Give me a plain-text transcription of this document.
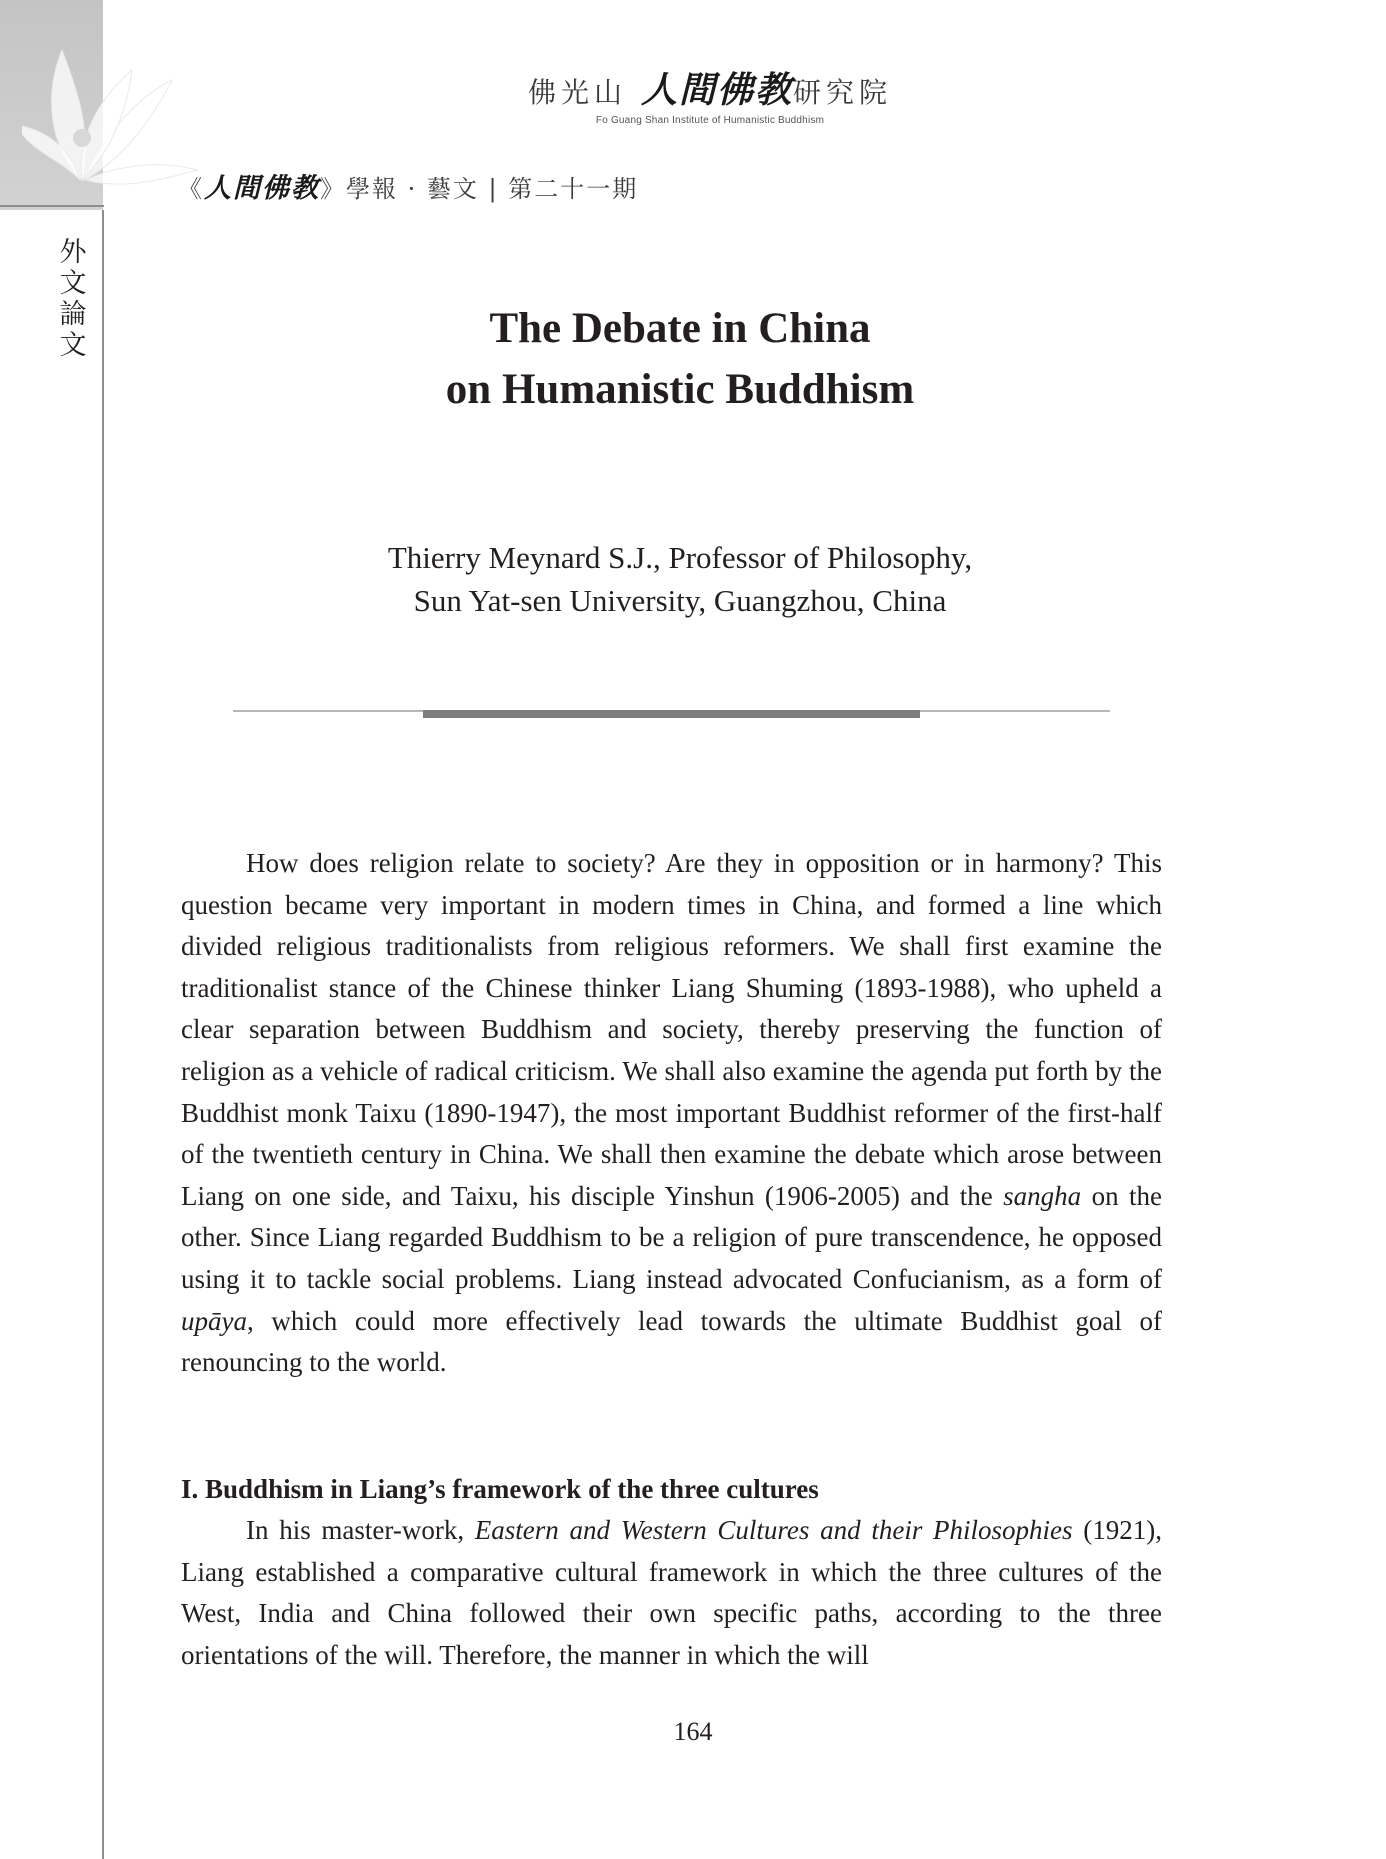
外
文
論
文
佛光山 人間佛教研究院
Fo Guang Shan Institute of Humanistic Buddhism
《人間佛教》學報 · 藝文 | 第二十一期
The Debate in China
on Humanistic Buddhism
Thierry Meynard S.J., Professor of Philosophy,
Sun Yat-sen University, Guangzhou, China
How does religion relate to society? Are they in opposition or in harmony? This question became very important in modern times in China, and formed a line which divided religious traditionalists from religious reformers. We shall first examine the traditionalist stance of the Chinese thinker Liang Shuming (1893-1988), who upheld a clear separation between Buddhism and society, thereby preserving the function of religion as a vehicle of radical criticism. We shall also examine the agenda put forth by the Buddhist monk Taixu (1890-1947), the most important Buddhist reformer of the first-half of the twentieth century in China. We shall then examine the debate which arose between Liang on one side, and Taixu, his disciple Yinshun (1906-2005) and the sangha on the other. Since Liang regarded Buddhism to be a religion of pure transcendence, he opposed using it to tackle social problems. Liang instead advocated Confucianism, as a form of upāya, which could more effectively lead towards the ultimate Buddhist goal of renouncing to the world.
I. Buddhism in Liang’s framework of the three cultures
In his master-work, Eastern and Western Cultures and their Philosophies (1921), Liang established a comparative cultural framework in which the three cultures of the West, India and China followed their own specific paths, according to the three orientations of the will. Therefore, the manner in which the will
164
